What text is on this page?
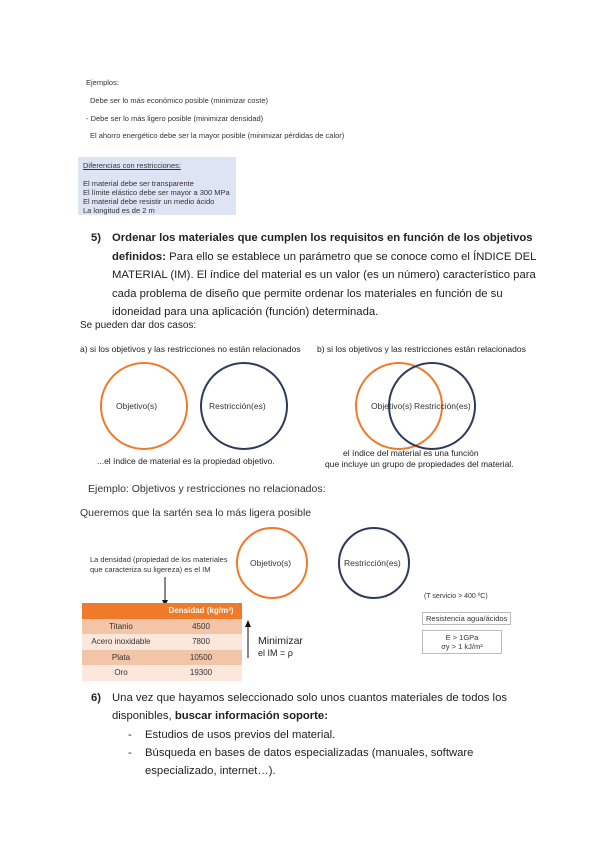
Ejemplos:
Debe ser lo más económico posible (minimizar coste)
- Debe ser lo más ligero posible (minimizar densidad)
El ahorro energético debe ser la mayor posible (minimizar pérdidas de calor)
Diferencias con restricciones:
El material debe ser transparente
El límite elástico debe ser mayor a 300 MPa
El material debe resistir un medio ácido
La longitud es de 2 m
5) Ordenar los materiales que cumplen los requisitos en función de los objetivos
definidos: Para ello se establece un parámetro que se conoce como el ÍNDICE DEL
MATERIAL (IM). El índice del material es un valor (es un número) característico para
cada problema de diseño que permite ordenar los materiales en función de su
idoneidad para una aplicación (función) determinada.
Se pueden dar dos casos:
a) si los objetivos y las restricciones no están relacionados b) si los objetivos y las restricciones están relacionados
Objetivo(s)	Restricción(es)
...el índice de material es la propiedad objetivo.
Objetivo(s) Restricción(es)
el índice del material es una función
que incluye un grupo de propiedades del material.
Ejemplo: Objetivos y restricciones no relacionados:
Queremos que la sartén sea lo más ligera posible
La densidad (propiedad de los materiales
que caracteriza su ligereza) es el IM
Objetivo(s)	Restricción(es)
(T servicio > 400 ºC)
Resistencia agua/ácidos
E > 1GPa
σy > 1 kJ/m²
	Densidad (kg/m³)
Titanio	4500
Acero inoxidable	7800
Plata	10500
Oro	19300
Minimizar
el IM = ρ
6) Una vez que hayamos seleccionado solo unos cuantos materiales de todos los
disponibles, buscar información soporte:
- Estudios de usos previos del material.
- Búsqueda en bases de datos especializadas (manuales, software
especializado, internet…).
